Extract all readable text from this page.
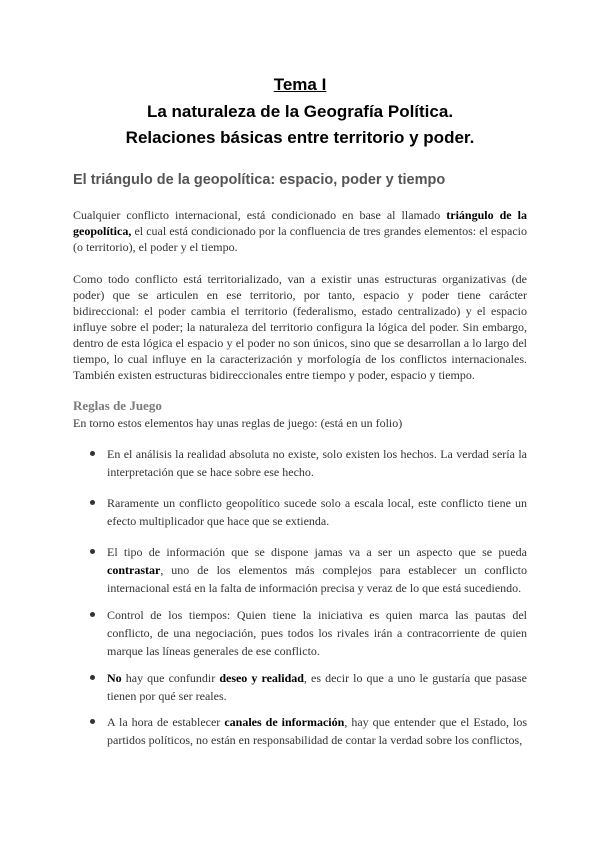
Tema I
La naturaleza de la Geografía Política.
Relaciones básicas entre territorio y poder.
El triángulo de la geopolítica: espacio, poder y tiempo
Cualquier conflicto internacional, está condicionado en base al llamado triángulo de la geopolítica, el cual está condicionado por la confluencia de tres grandes elementos: el espacio (o territorio), el poder y el tiempo.
Como todo conflicto está territorializado, van a existir unas estructuras organizativas (de poder) que se articulen en ese territorio, por tanto, espacio y poder tiene carácter bidireccional: el poder cambia el territorio (federalismo, estado centralizado) y el espacio influye sobre el poder; la naturaleza del territorio configura la lógica del poder. Sin embargo, dentro de esta lógica el espacio y el poder no son únicos, sino que se desarrollan a lo largo del tiempo, lo cual influye en la caracterización y morfología de los conflictos internacionales. También existen estructuras bidireccionales entre tiempo y poder, espacio y tiempo.
Reglas de Juego
En torno estos elementos hay unas reglas de juego: (está en un folio)
En el análisis la realidad absoluta no existe, solo existen los hechos. La verdad sería la interpretación que se hace sobre ese hecho.
Raramente un conflicto geopolítico sucede solo a escala local, este conflicto tiene un efecto multiplicador que hace que se extienda.
El tipo de información que se dispone jamas va a ser un aspecto que se pueda contrastar, uno de los elementos más complejos para establecer un conflicto internacional está en la falta de información precisa y veraz de lo que está sucediendo.
Control de los tiempos: Quien tiene la iniciativa es quien marca las pautas del conflicto, de una negociación, pues todos los rivales irán a contracorriente de quien marque las líneas generales de ese conflicto.
No hay que confundir deseo y realidad, es decir lo que a uno le gustaría que pasase tienen por qué ser reales.
A la hora de establecer canales de información, hay que entender que el Estado, los partidos políticos, no están en responsabilidad de contar la verdad sobre los conflictos,
